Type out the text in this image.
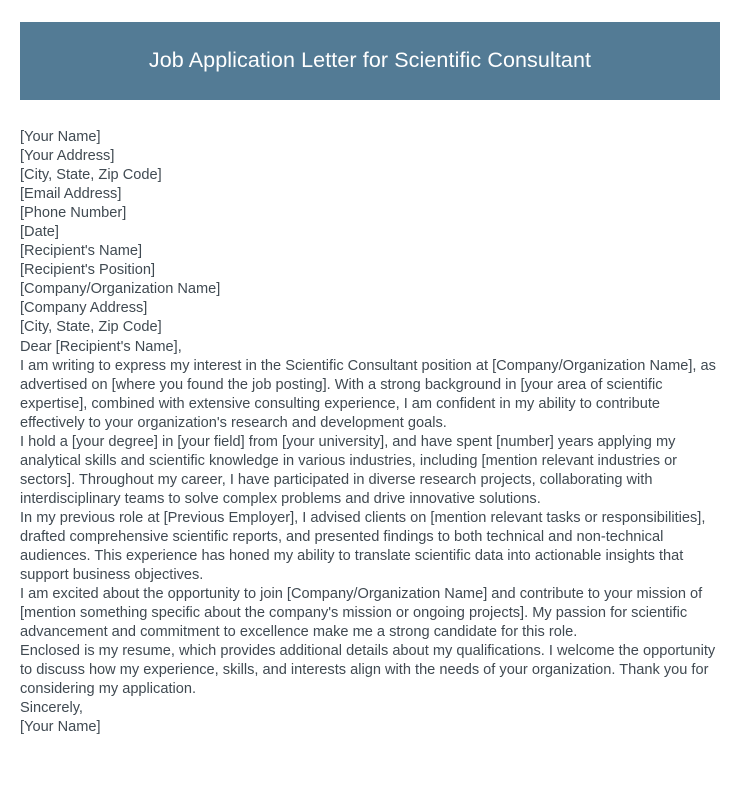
Job Application Letter for Scientific Consultant

[Your Name]

[Your Address]

[City, State, Zip Code]

[Email Address]

[Phone Number]

[Date]

[Recipient's Name]

[Recipient's Position]

[Company/Organization Name]

[Company Address]

[City, State, Zip Code]

Dear [Recipient's Name],

I am writing to express my interest in the Scientific Consultant position at [Company/Organization Name], as advertised on [where you found the job posting]. With a strong background in [your area of scientific expertise], combined with extensive consulting experience, I am confident in my ability to contribute effectively to your organization's research and development goals.

I hold a [your degree] in [your field] from [your university], and have spent [number] years applying my analytical skills and scientific knowledge in various industries, including [mention relevant industries or sectors]. Throughout my career, I have participated in diverse research projects, collaborating with interdisciplinary teams to solve complex problems and drive innovative solutions.

In my previous role at [Previous Employer], I advised clients on [mention relevant tasks or responsibilities], drafted comprehensive scientific reports, and presented findings to both technical and non-technical audiences. This experience has honed my ability to translate scientific data into actionable insights that support business objectives.

I am excited about the opportunity to join [Company/Organization Name] and contribute to your mission of [mention something specific about the company's mission or ongoing projects]. My passion for scientific advancement and commitment to excellence make me a strong candidate for this role.

Enclosed is my resume, which provides additional details about my qualifications. I welcome the opportunity to discuss how my experience, skills, and interests align with the needs of your organization. Thank you for considering my application.

Sincerely,

[Your Name]
